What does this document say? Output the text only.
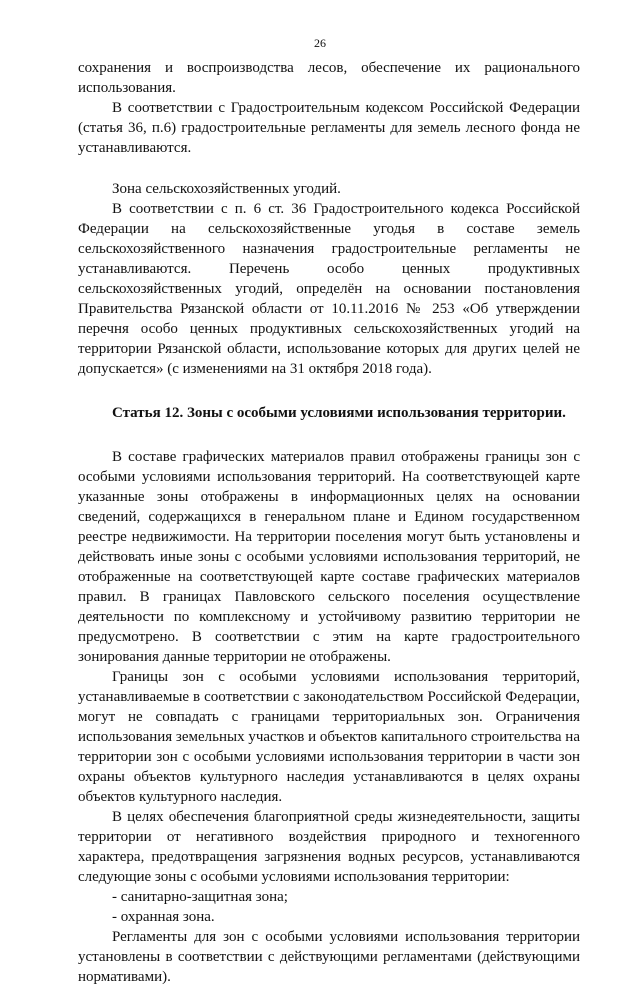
26

сохранения и воспроизводства лесов, обеспечение их рационального использования.

В соответствии с Градостроительным кодексом Российской Федерации (статья 36, п.6) градостроительные регламенты для земель лесного фонда не устанавливаются.

Зона сельскохозяйственных угодий.

В соответствии с п. 6 ст. 36 Градостроительного кодекса Российской Федерации на сельскохозяйственные угодья в составе земель сельскохозяйственного назначения градостроительные регламенты не устанавливаются. Перечень особо ценных продуктивных сельскохозяйственных угодий, определён на основании постановления Правительства Рязанской области от 10.11.2016 № 253 «Об утверждении перечня особо ценных продуктивных сельскохозяйственных угодий на территории Рязанской области, использование которых для других целей не допускается» (с изменениями на 31 октября 2018 года).

Статья 12. Зоны с особыми условиями использования территории.

В составе графических материалов правил отображены границы зон с особыми условиями использования территорий. На соответствующей карте указанные зоны отображены в информационных целях на основании сведений, содержащихся в генеральном плане и Едином государственном реестре недвижимости. На территории поселения могут быть установлены и действовать иные зоны с особыми условиями использования территорий, не отображенные на соответствующей карте составе графических материалов правил. В границах Павловского сельского поселения осуществление деятельности по комплексному и устойчивому развитию территории не предусмотрено. В соответствии с этим на карте градостроительного зонирования данные территории не отображены.

Границы зон с особыми условиями использования территорий, устанавливаемые в соответствии с законодательством Российской Федерации, могут не совпадать с границами территориальных зон. Ограничения использования земельных участков и объектов капитального строительства на территории зон с особыми условиями использования территории в части зон охраны объектов культурного наследия устанавливаются в целях охраны объектов культурного наследия.

В целях обеспечения благоприятной среды жизнедеятельности, защиты территории от негативного воздействия природного и техногенного характера, предотвращения загрязнения водных ресурсов, устанавливаются следующие зоны с особыми условиями использования территории:

- санитарно-защитная зона;

- охранная зона.

Регламенты для зон с особыми условиями использования территории установлены в соответствии с действующими регламентами (действующими нормативами).
